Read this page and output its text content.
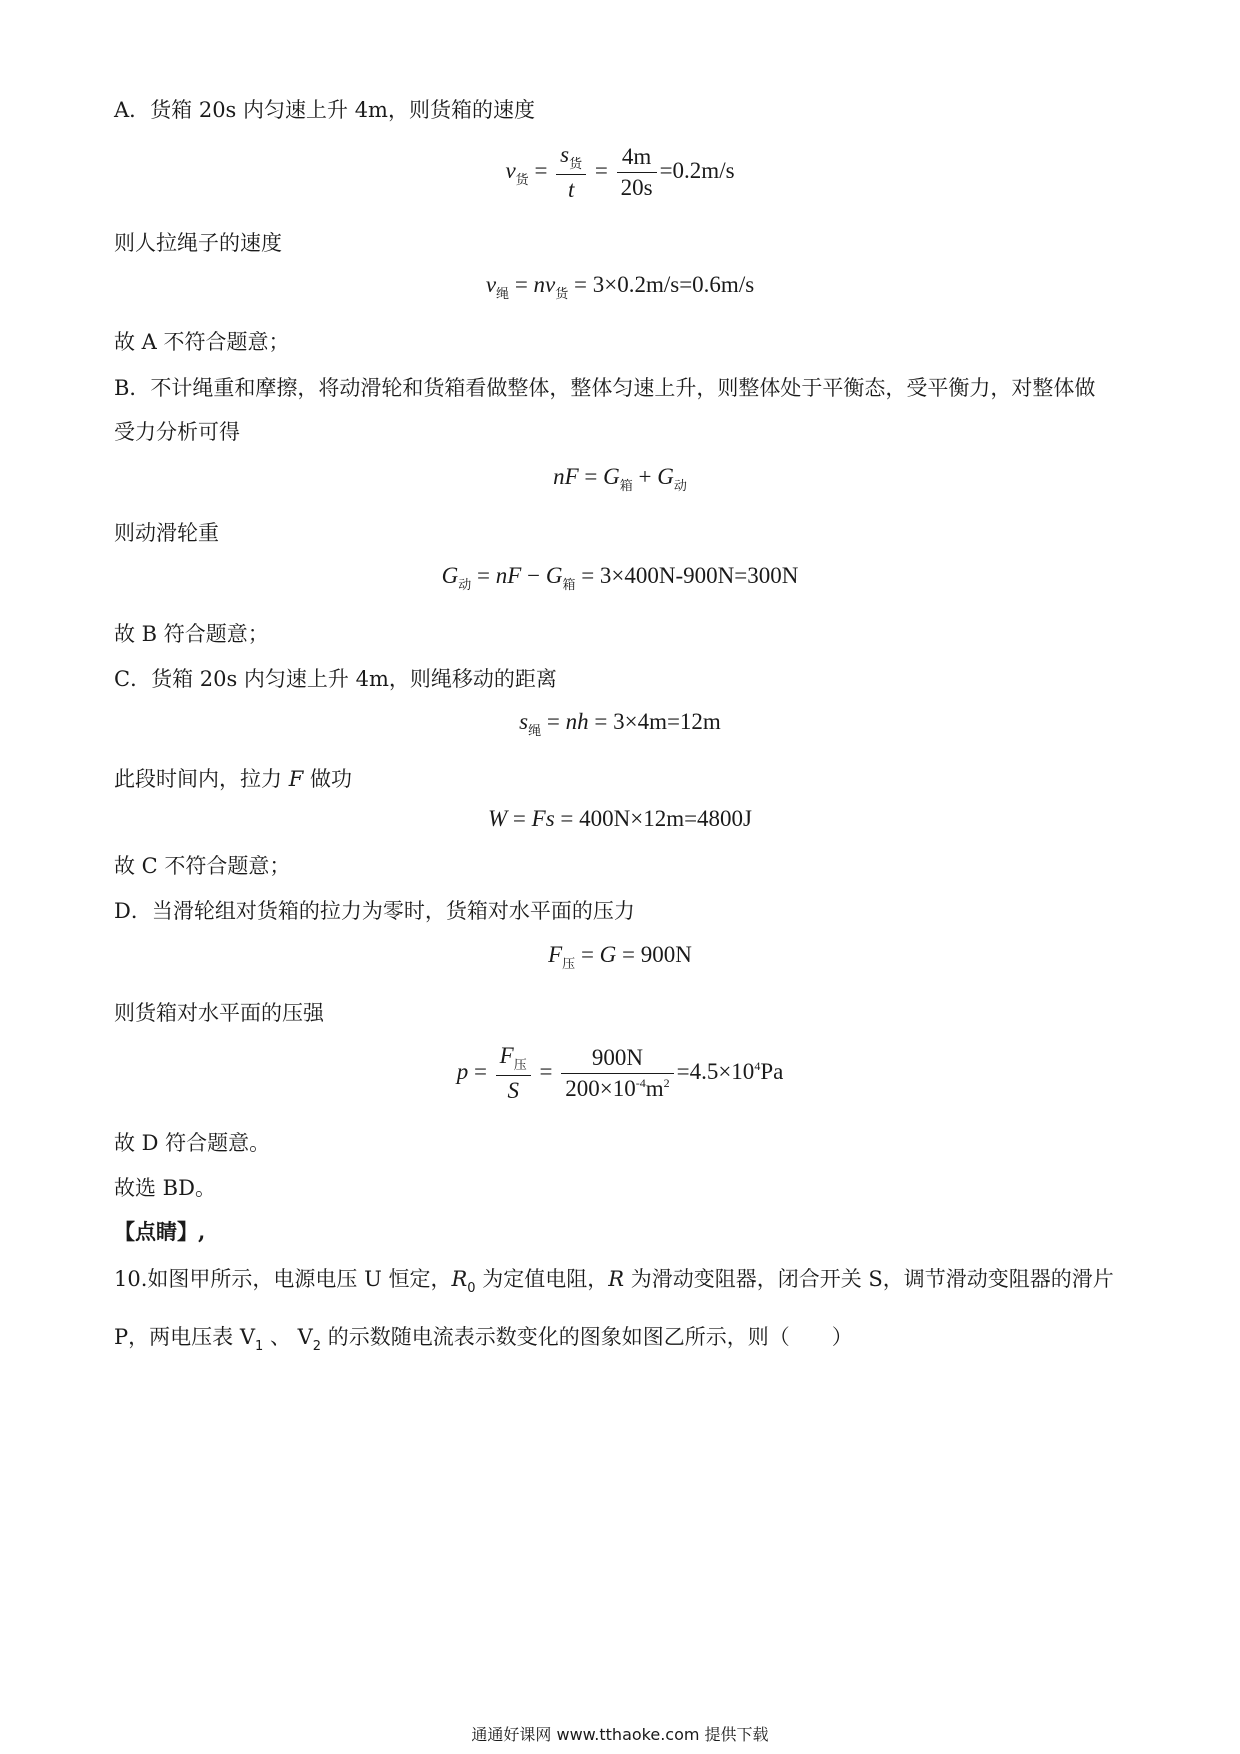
A．货箱 20s 内匀速上升 4m，则货箱的速度
$v_货 = \frac{s_货}{t} = \frac{4m}{20s} =0.2m/s$
则人拉绳子的速度
$v_绳 = nv_货 = 3\times 0.2m/s=0.6m/s$
故 A 不符合题意；
B．不计绳重和摩擦，将动滑轮和货箱看做整体，整体匀速上升，则整体处于平衡态，受平衡力，对整体做
受力分析可得
nF = $G_箱 + G_动$
则动滑轮重
$G_动$ = nF − $G_箱 = 3\times 400N-900N=300N$
故 B 符合题意；
C．货箱 20s 内匀速上升 4m，则绳移动的距离
$s_绳$ = nh = 3×4m=12m
此段时间内，拉力 F 做功
W = Fs = 400N×12m=4800J
故 C 不符合题意；
D．当滑轮组对货箱的拉力为零时，货箱对水平面的压力
$F_压 = G = 900N$
则货箱对水平面的压强
$p = \frac{F_压}{S} = \frac{900N}{200\times 10^{-4}m^2} =4.5\times 10^4Pa$
故 D 符合题意。
故选 BD。
【点睛】,
10.如图甲所示，电源电压 U 恒定，$R_0$ 为定值电阻，R 为滑动变阻器，闭合开关 S，调节滑动变阻器的滑片
P，两电压表 $V_1$ 、 $V_2$ 的示数随电流表示数变化的图象如图乙所示，则（　　）
通通好课网 www.tthaoke.com 提供下载
